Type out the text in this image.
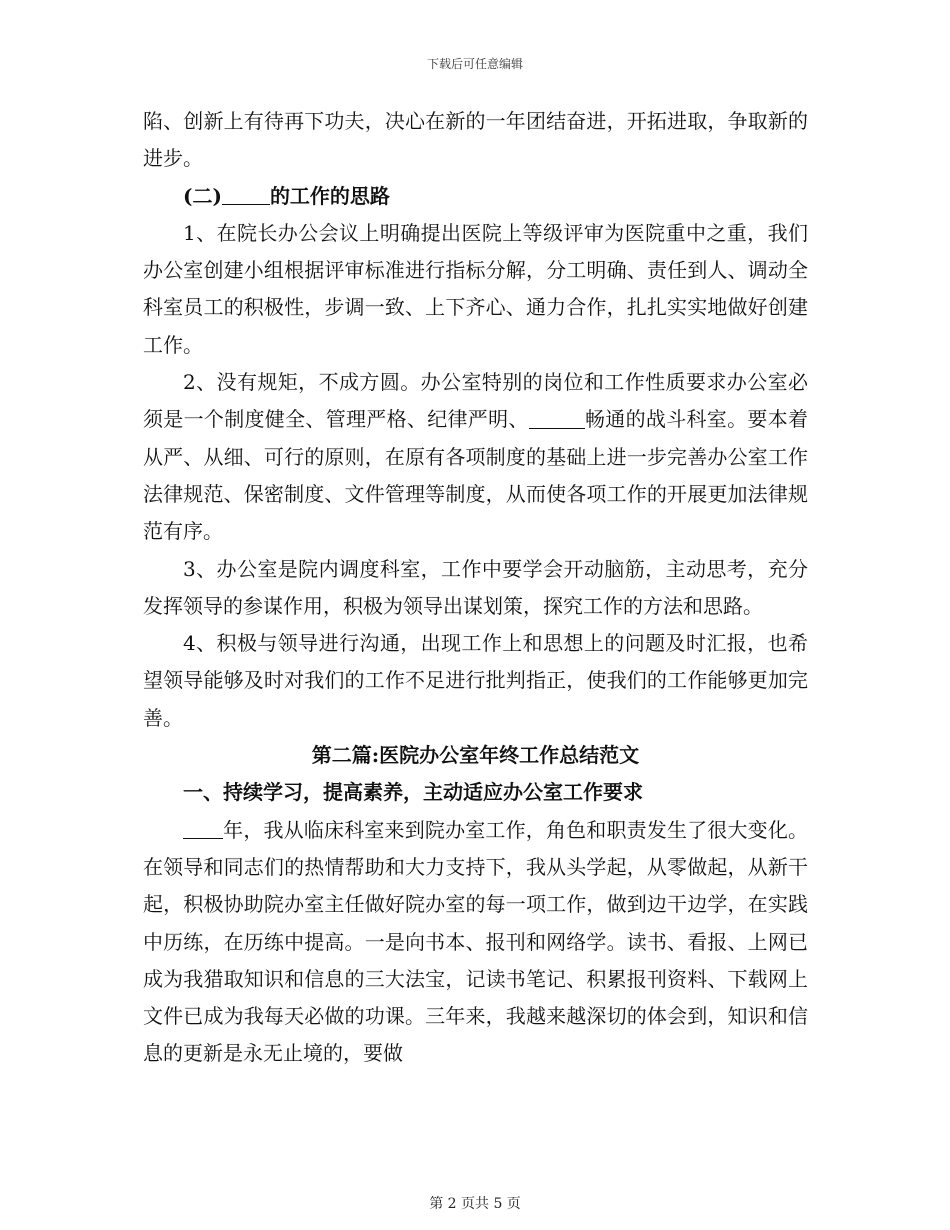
下载后可任意编辑

陷、创新上有待再下功夫，决心在新的一年团结奋进，开拓进取，争取新的进步。

(二) 的工作的思路

1、在院长办公会议上明确提出医院上等级评审为医院重中之重，我们办公室创建小组根据评审标准进行指标分解，分工明确、责任到人、调动全科室员工的积极性，步调一致、上下齐心、通力合作，扎扎实实地做好创建工作。

2、没有规矩，不成方圆。办公室特别的岗位和工作性质要求办公室必须是一个制度健全、管理严格、纪律严明、	畅通的战斗科室。要本着从严、从细、可行的原则，在原有各项制度的基础上进一步完善办公室工作法律规范、保密制度、文件管理等制度，从而使各项工作的开展更加法律规范有序。

3、办公室是院内调度科室，工作中要学会开动脑筋，主动思考，充分发挥领导的参谋作用，积极为领导出谋划策，探究工作的方法和思路。

4、积极与领导进行沟通，出现工作上和思想上的问题及时汇报，也希望领导能够及时对我们的工作不足进行批判指正，使我们的工作能够更加完善。

第二篇:医院办公室年终工作总结范文

一、持续学习，提高素养，主动适应办公室工作要求

年，我从临床科室来到院办室工作，角色和职责发生了很大变化。在领导和同志们的热情帮助和大力支持下，我从头学起，从零做起，从新干起，积极协助院办室主任做好院办室的每一项工作，做到边干边学，在实践中历练，在历练中提高。一是向书本、报刊和网络学。读书、看报、上网已成为我猎取知识和信息的三大法宝，记读书笔记、积累报刊资料、下载网上文件已成为我每天必做的功课。三年来，我越来越深切的体会到，知识和信息的更新是永无止境的，要做

第 2 页共 5 页
